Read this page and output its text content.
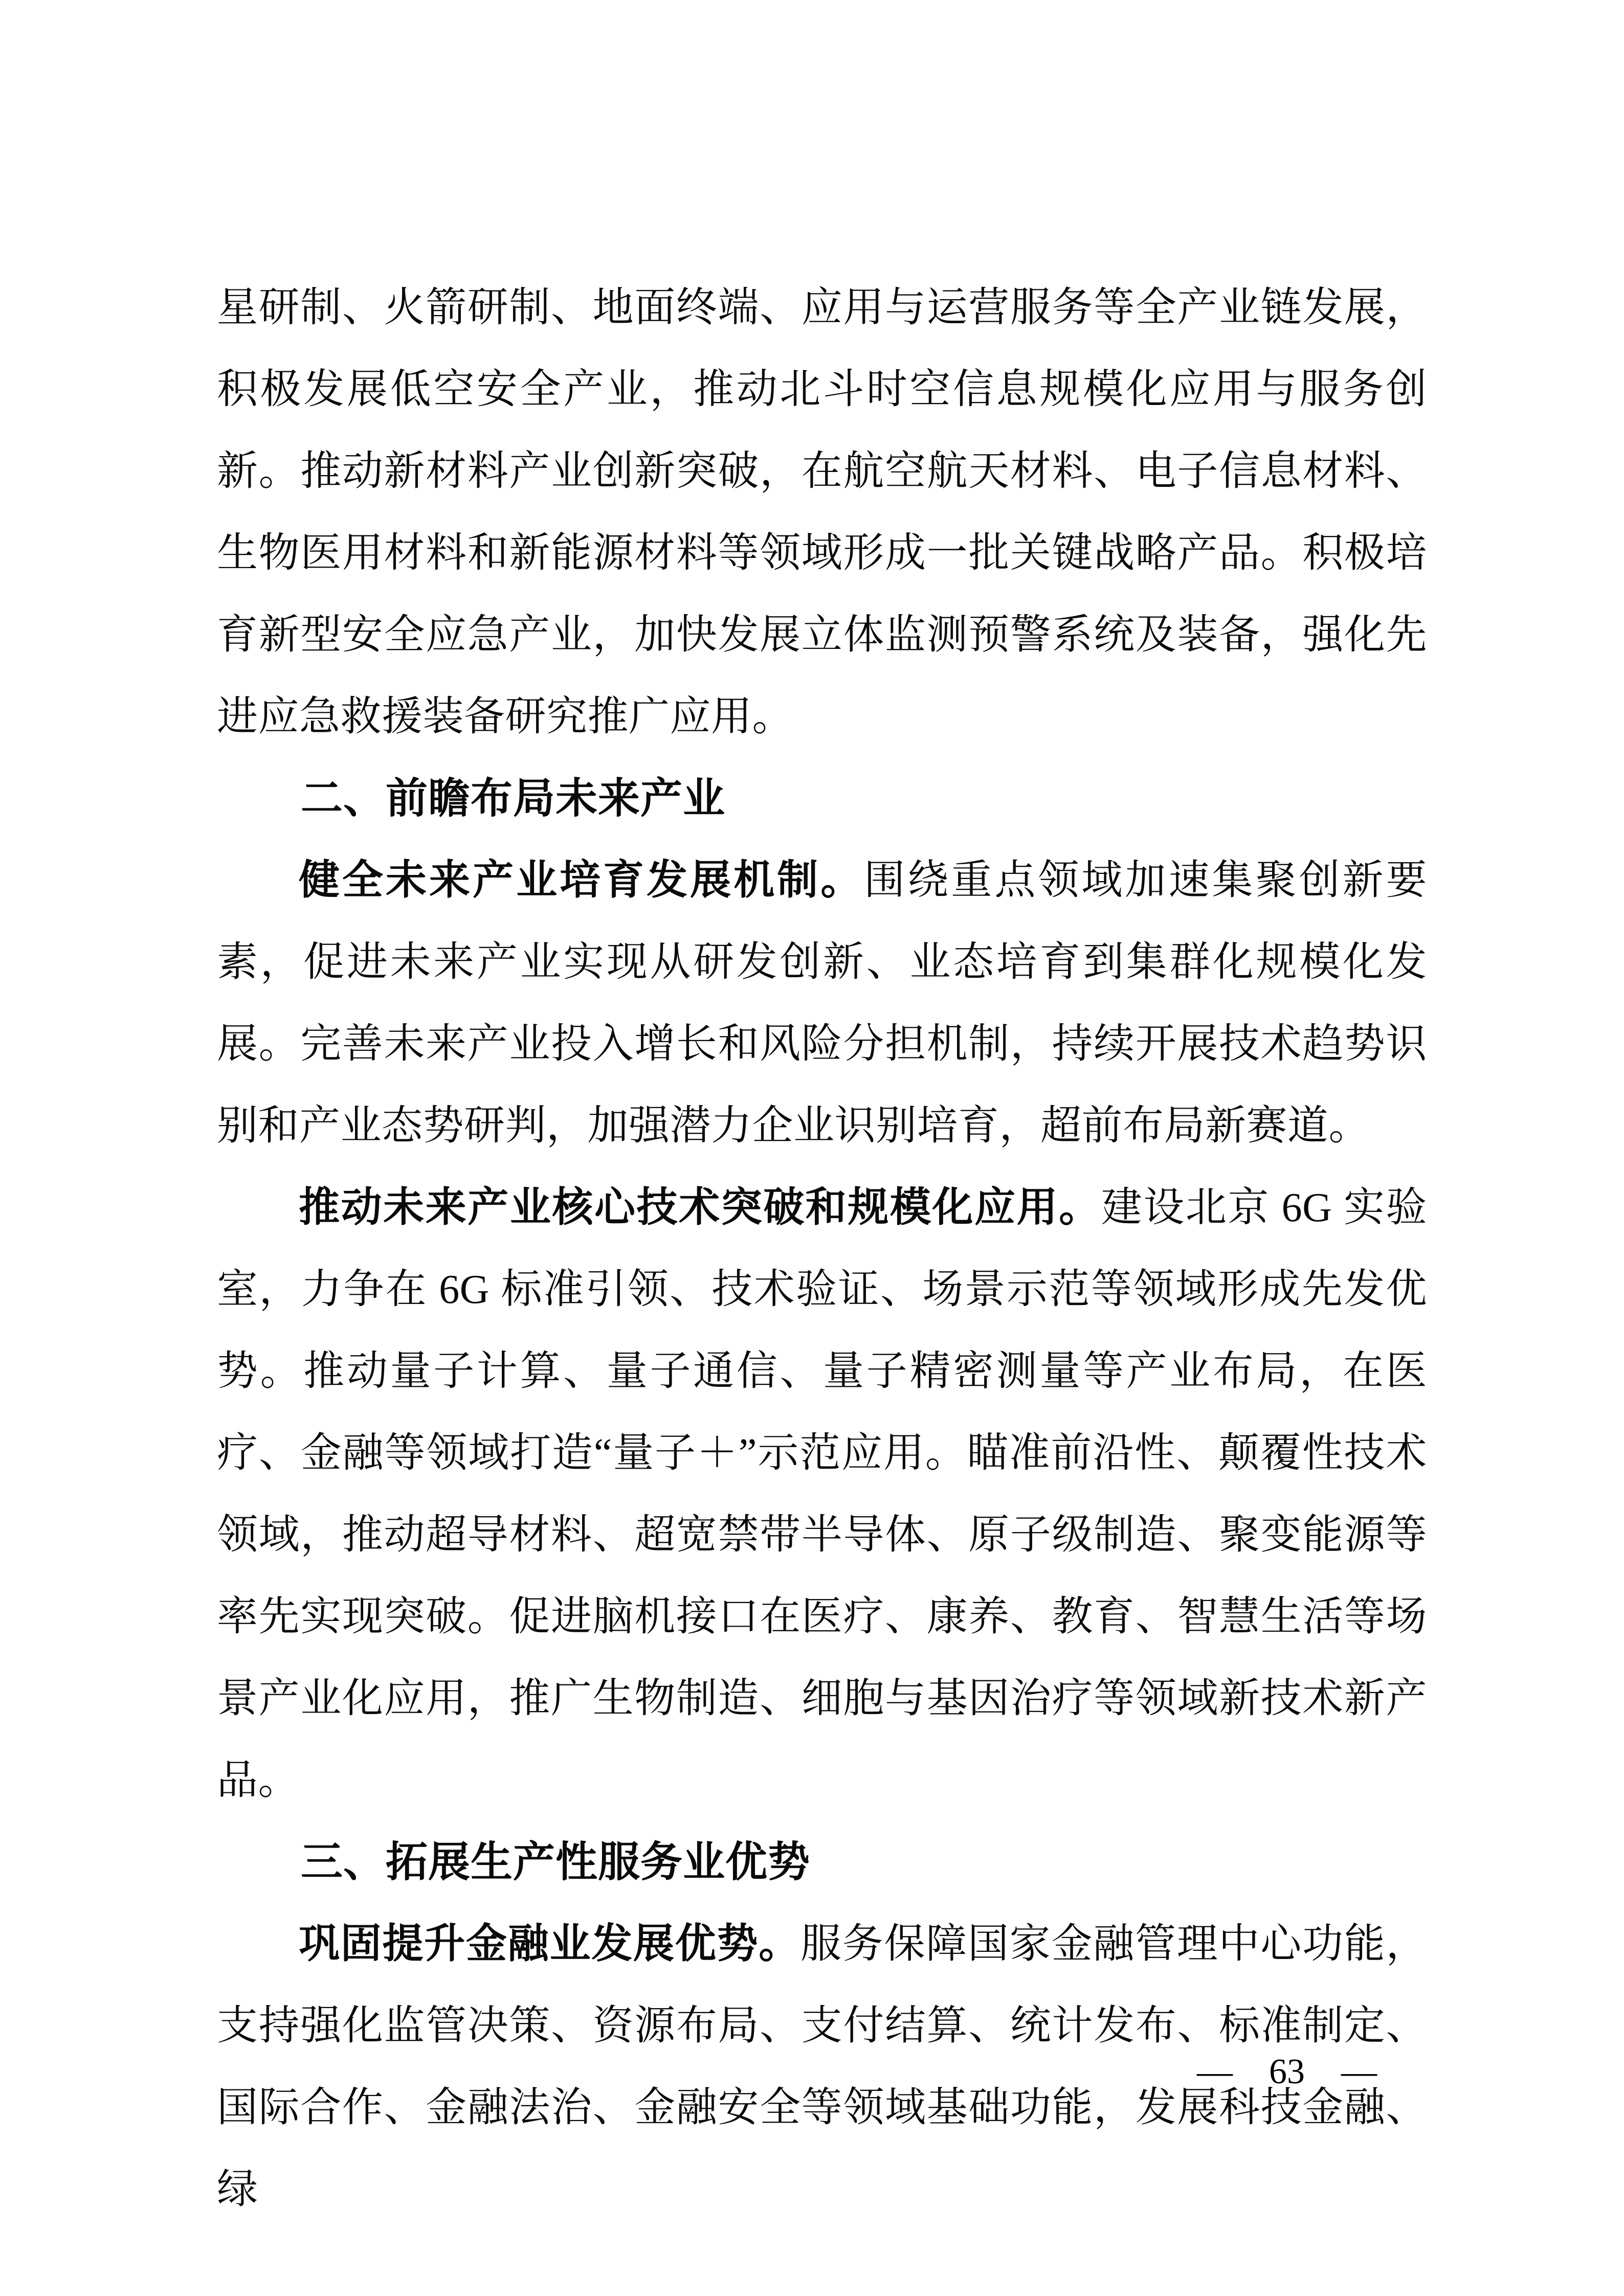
星研制、火箭研制、地面终端、应用与运营服务等全产业链发展，积极发展低空安全产业，推动北斗时空信息规模化应用与服务创新。推动新材料产业创新突破，在航空航天材料、电子信息材料、生物医用材料和新能源材料等领域形成一批关键战略产品。积极培育新型安全应急产业，加快发展立体监测预警系统及装备，强化先进应急救援装备研究推广应用。

二、前瞻布局未来产业

健全未来产业培育发展机制。围绕重点领域加速集聚创新要素，促进未来产业实现从研发创新、业态培育到集群化规模化发展。完善未来产业投入增长和风险分担机制，持续开展技术趋势识别和产业态势研判，加强潜力企业识别培育，超前布局新赛道。

推动未来产业核心技术突破和规模化应用。建设北京 6G 实验室，力争在 6G 标准引领、技术验证、场景示范等领域形成先发优势。推动量子计算、量子通信、量子精密测量等产业布局，在医疗、金融等领域打造“量子＋”示范应用。瞄准前沿性、颠覆性技术领域，推动超导材料、超宽禁带半导体、原子级制造、聚变能源等率先实现突破。促进脑机接口在医疗、康养、教育、智慧生活等场景产业化应用，推广生物制造、细胞与基因治疗等领域新技术新产品。

三、拓展生产性服务业优势

巩固提升金融业发展优势。服务保障国家金融管理中心功能，支持强化监管决策、资源布局、支付结算、统计发布、标准制定、国际合作、金融法治、金融安全等领域基础功能，发展科技金融、绿

— 63 —
